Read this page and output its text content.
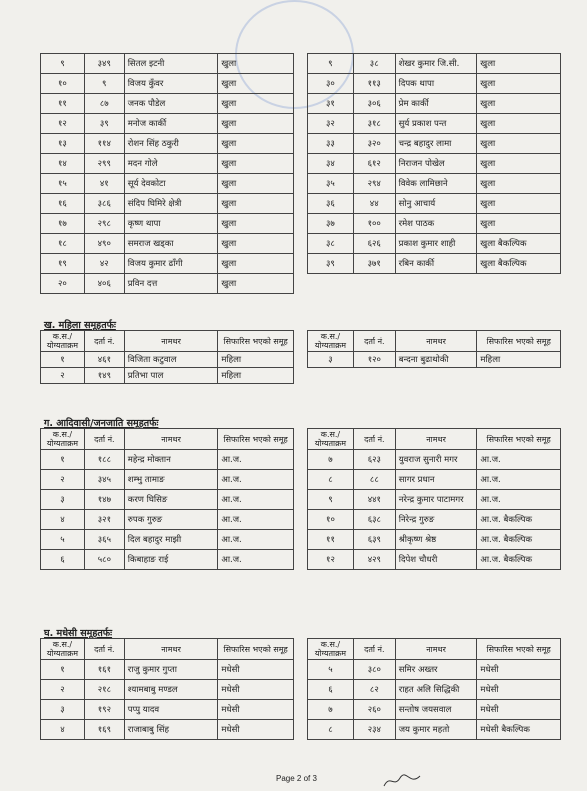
९	३४९	सितल इटनी	खुला
१०	९	विजय कुँवर	खुला
११	८७	जनक पौडेल	खुला
१२	३९	मनोज कार्की	खुला
१३	११४	रोशन सिंह ठकुरी	खुला
१४	२९९	मदन गोले	खुला
१५	४१	सूर्य देवकोटा	खुला
१६	३८६	संदिप घिमिरे क्षेत्री	खुला
१७	२९८	कृष्ण थापा	खुला
१८	४९०	समराज खड्का	खुला
१९	४२	विजय कुमार ढाँगी	खुला
२०	४०६	प्रविन दत्त	खुला
९	३८	शेखर कुमार जि.सी.	खुला
३०	११३	दिपक थापा	खुला
३१	३०६	प्रेम कार्की	खुला
३२	३१८	सुर्य प्रकाश पन्त	खुला
३३	३२०	चन्द्र बहादुर लामा	खुला
३४	६१२	निराजन पोखेल	खुला
३५	२९४	विवेक लामिछाने	खुला
३६	४४	सोनु आचार्य	खुला
३७	१००	रमेश पाठक	खुला
३८	६२६	प्रकाश कुमार शाही	खुला बैकल्पिक
३९	३७१	रबिन कार्की	खुला बैकल्पिक
ख. महिला समूहतर्फः
क.स./ योग्यताक्रम	दर्ता नं.	नामथर	सिफारिस भएको समूह
१	४६१	विजिता कटुवाल	महिला
२	१४९	प्रतिभा पाल	महिला
क.स./ योग्यताक्रम	दर्ता नं.	नामथर	सिफारिस भएको समूह
३	१२०	बन्दना बुढाथोकी	महिला
ग. आदिवासी/जनजाति समूहतर्फः
क.स./ योग्यताक्रम	दर्ता नं.	नामथर	सिफारिस भएको समूह
१	१८८	महेन्द्र मोक्तान	आ.ज.
२	३४५	शम्भु तामाङ	आ.ज.
३	१४७	करण घिसिङ	आ.ज.
४	३२१	रुपक गुरुङ	आ.ज.
५	३६५	दिल बहादुर माझी	आ.ज.
६	५८०	किबाहाङ राई	आ.ज.
क.स./ योग्यताक्रम	दर्ता नं.	नामथर	सिफारिस भएको समूह
७	६२३	युवराज सुनारी मगर	आ.ज.
८	८८	सागर प्रधान	आ.ज.
९	४४१	नरेन्द्र कुमार पाटामगर	आ.ज.
१०	६३८	निरेन्द्र गुरुङ	आ.ज. बैकल्पिक
११	६३९	श्रीकृष्ण श्रेष्ठ	आ.ज. बैकल्पिक
१२	४२९	दिपेश चौधरी	आ.ज. बैकल्पिक
घ. मधेसी समूहतर्फः
क.स./ योग्यताक्रम	दर्ता नं.	नामथर	सिफारिस भएको समूह
१	१६१	राजु कुमार गुप्ता	मधेसी
२	२१८	श्यामबाबु मण्डल	मधेसी
३	१९२	पप्पु यादव	मधेसी
४	१६९	राजाबाबु सिंह	मधेसी
क.स./ योग्यताक्रम	दर्ता नं.	नामथर	सिफारिस भएको समूह
५	३८०	समिर अख्तर	मधेसी
६	८२	राहत अलि सिद्धिकी	मधेसी
७	२६०	सन्तोष जयसवाल	मधेसी
८	२३४	जय कुमार महतो	मधेसी बैकल्पिक
Page 2 of 3
